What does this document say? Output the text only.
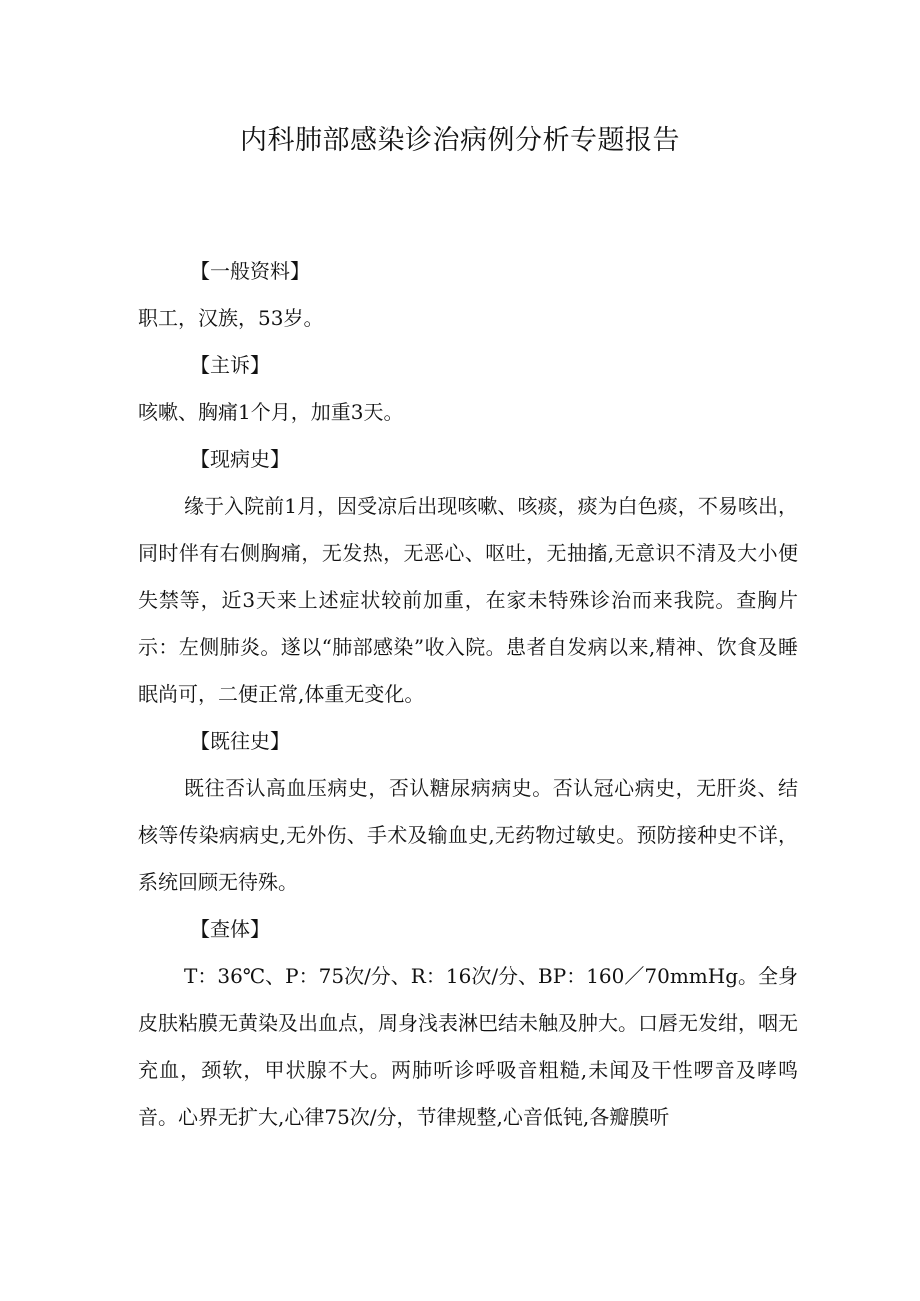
内科肺部感染诊治病例分析专题报告
【一般资料】
职工，汉族，53岁。
【主诉】
咳嗽、胸痛1个月，加重3天。
【现病史】
缘于入院前1月，因受凉后出现咳嗽、咳痰，痰为白色痰，不易咳出，同时伴有右侧胸痛，无发热，无恶心、呕吐，无抽搐,无意识不清及大小便失禁等，近3天来上述症状较前加重，在家未特殊诊治而来我院。查胸片示：左侧肺炎。遂以“肺部感染”收入院。患者自发病以来,精神、饮食及睡眠尚可，二便正常,体重无变化。
【既往史】
既往否认高血压病史，否认糖尿病病史。否认冠心病史，无肝炎、结核等传染病病史,无外伤、手术及输血史,无药物过敏史。预防接种史不详，系统回顾无待殊。
【查体】
T：36℃、P：75次/分、R：16次/分、BP：160／70mmHg。全身皮肤粘膜无黄染及出血点，周身浅表淋巴结未触及肿大。口唇无发绀，咽无充血，颈软，甲状腺不大。两肺听诊呼吸音粗糙,未闻及干性啰音及哮鸣音。心界无扩大,心律75次/分，节律规整,心音低钝,各瓣膜听
